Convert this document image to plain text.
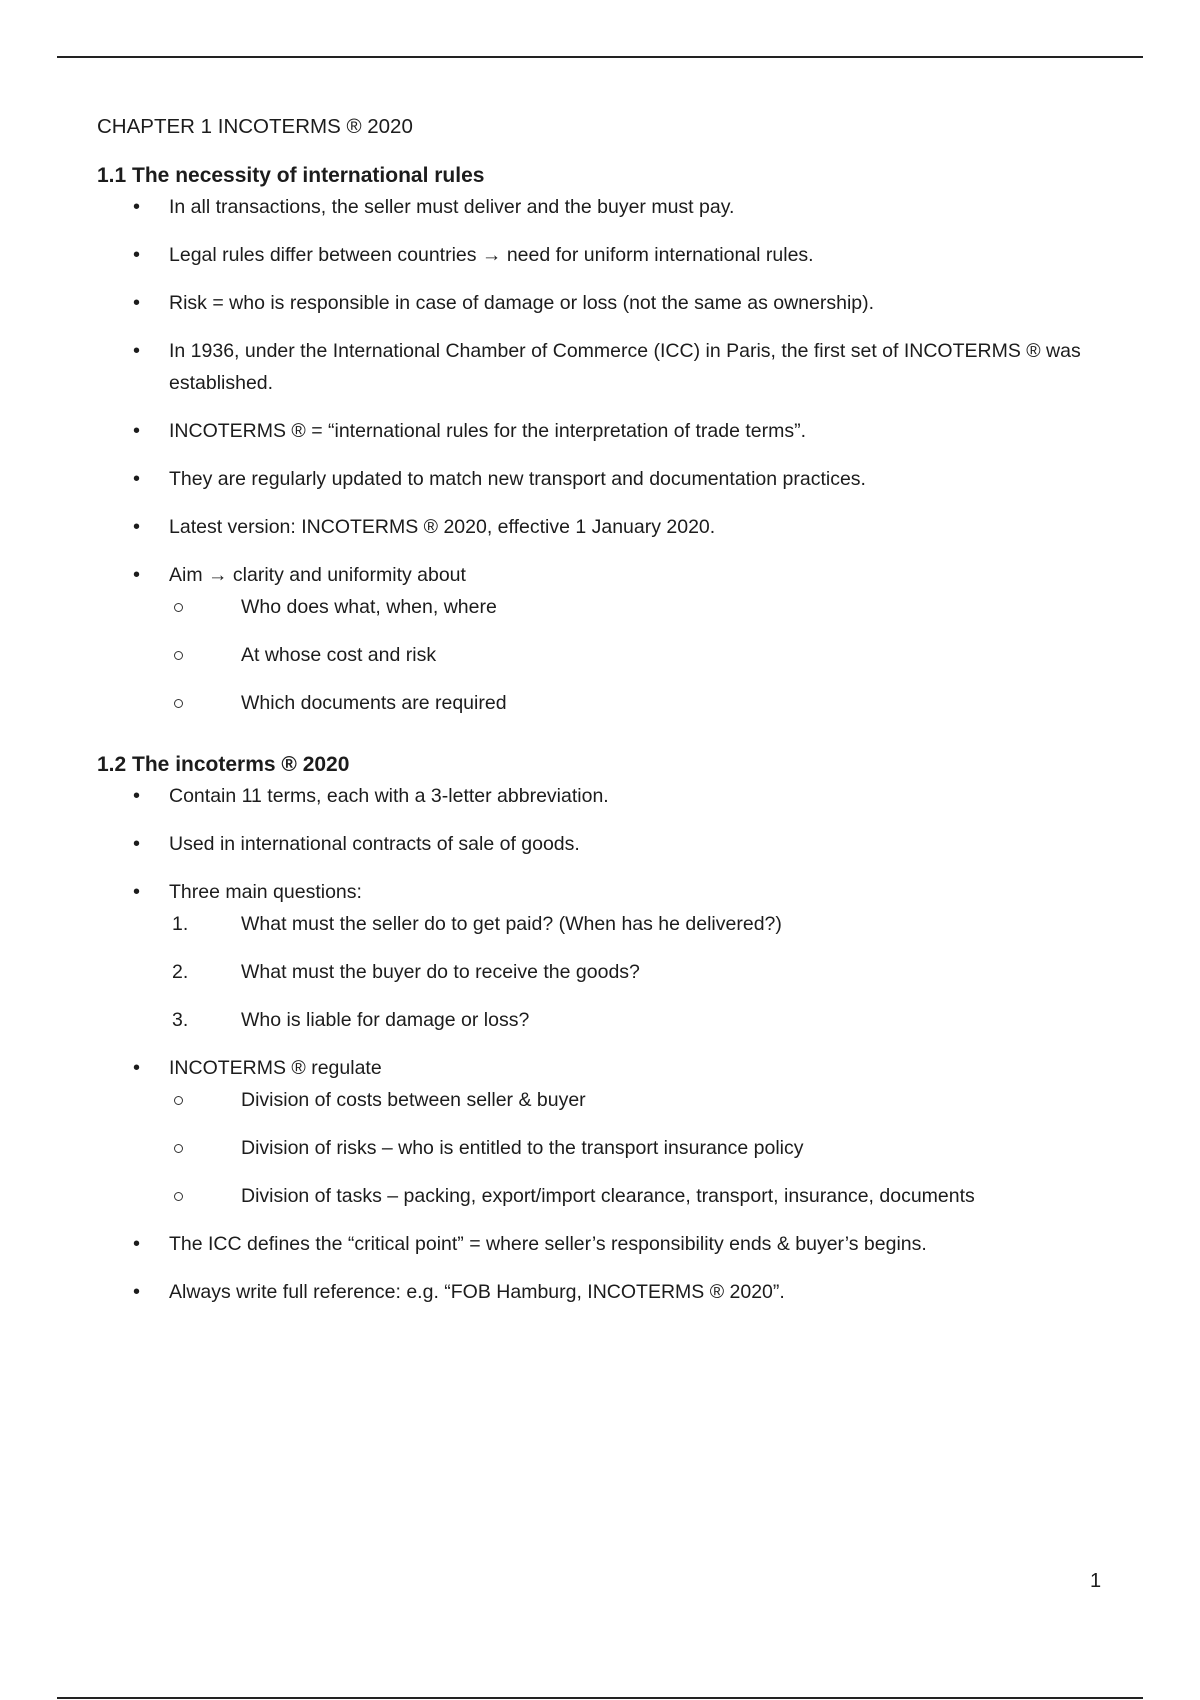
CHAPTER 1 INCOTERMS ® 2020
1.1 The necessity of international rules
• In all transactions, the seller must deliver and the buyer must pay.
• Legal rules differ between countries → need for uniform international rules.
• Risk = who is responsible in case of damage or loss (not the same as ownership).
• In 1936, under the International Chamber of Commerce (ICC) in Paris, the first set of INCOTERMS ® was established.
• INCOTERMS ® = “international rules for the interpretation of trade terms”.
• They are regularly updated to match new transport and documentation practices.
• Latest version: INCOTERMS ® 2020, effective 1 January 2020.
• Aim → clarity and uniformity about
Who does what, when, where
At whose cost and risk
Which documents are required
1.2 The incoterms ® 2020
• Contain 11 terms, each with a 3-letter abbreviation.
• Used in international contracts of sale of goods.
• Three main questions:
1.	What must the seller do to get paid? (When has he delivered?)
2.	What must the buyer do to receive the goods?
3.	Who is liable for damage or loss?
• INCOTERMS ® regulate
Division of costs between seller & buyer
Division of risks – who is entitled to the transport insurance policy
Division of tasks – packing, export/import clearance, transport, insurance, documents
• The ICC defines the “critical point” = where seller’s responsibility ends & buyer’s begins.
• Always write full reference: e.g. “FOB Hamburg, INCOTERMS ® 2020”.
1
